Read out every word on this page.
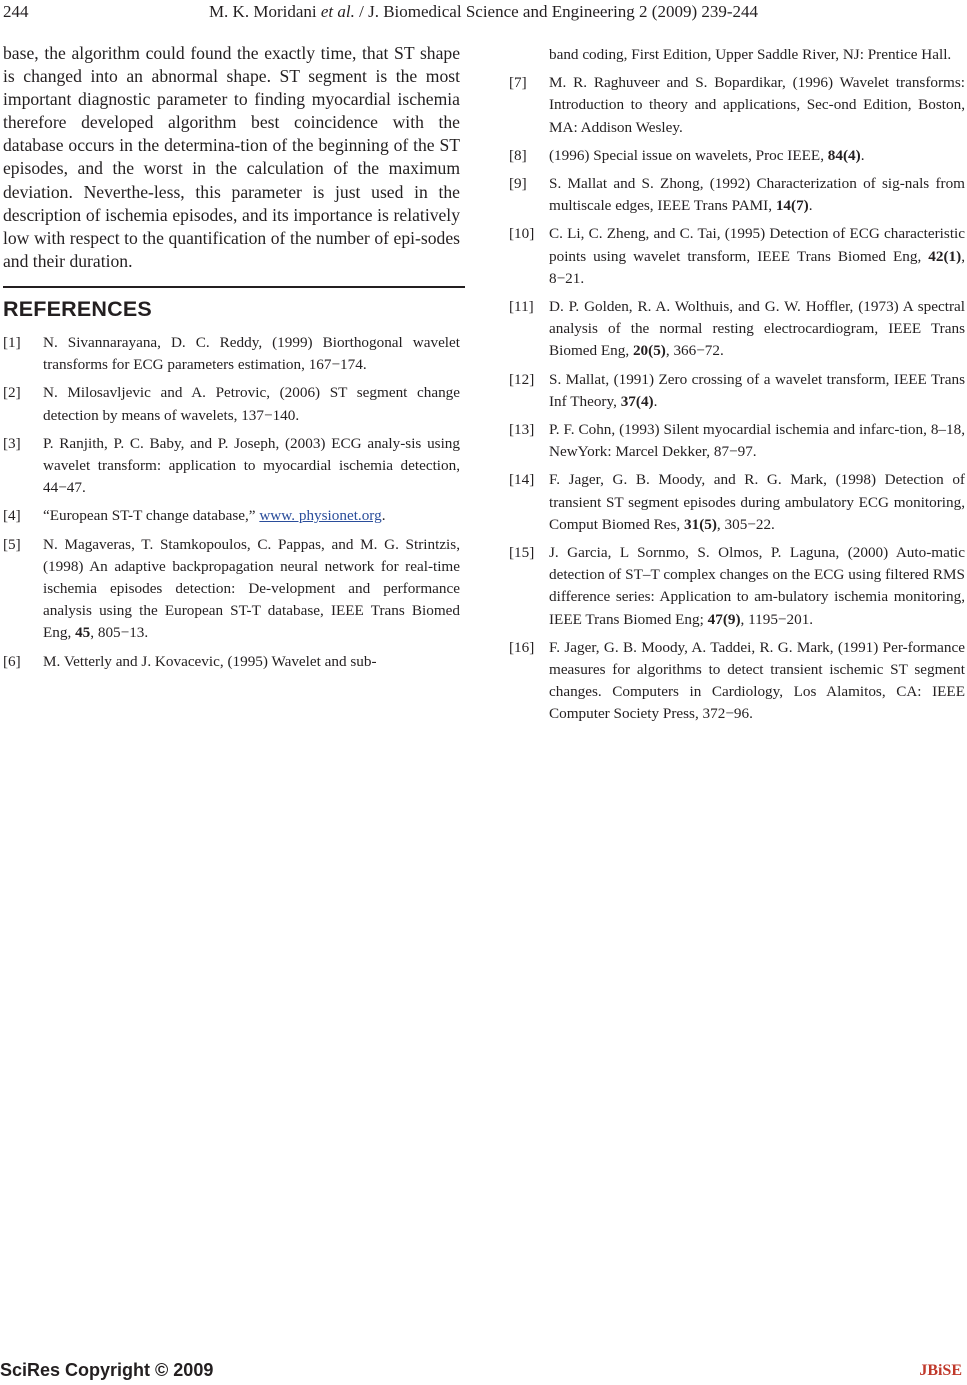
244	M. K. Moridani et al. / J. Biomedical Science and Engineering 2 (2009) 239-244

base, the algorithm could found the exactly time, that ST shape is changed into an abnormal shape. ST segment is the most important diagnostic parameter to finding myocardial ischemia therefore developed algorithm best coincidence with the database occurs in the determina-tion of the beginning of the ST episodes, and the worst in the calculation of the maximum deviation. Neverthe-less, this parameter is just used in the description of ischemia episodes, and its importance is relatively low with respect to the quantification of the number of epi-sodes and their duration.

REFERENCES
[1]	N. Sivannarayana, D. C. Reddy, (1999) Biorthogonal wavelet transforms for ECG parameters estimation, 167−174.
[2]	N. Milosavljevic and A. Petrovic, (2006) ST segment change detection by means of wavelets, 137−140.
[3]	P. Ranjith, P. C. Baby, and P. Joseph, (2003) ECG analy-sis using wavelet transform: application to myocardial ischemia detection, 44−47.
[4]	“European ST-T change database,” www. physionet.org.
[5]	N. Magaveras, T. Stamkopoulos, C. Pappas, and M. G. Strintzis, (1998) An adaptive backpropagation neural network for real-time ischemia episodes detection: De-velopment and performance analysis using the European ST-T database, IEEE Trans Biomed Eng, 45, 805−13.
[6]	M. Vetterly and J. Kovacevic, (1995) Wavelet and sub-
band coding, First Edition, Upper Saddle River, NJ: Prentice Hall.
[7]	M. R. Raghuveer and S. Bopardikar, (1996) Wavelet transforms: Introduction to theory and applications, Sec-ond Edition, Boston, MA: Addison Wesley.
[8]	(1996) Special issue on wavelets, Proc IEEE, 84(4).
[9]	S. Mallat and S. Zhong, (1992) Characterization of sig-nals from multiscale edges, IEEE Trans PAMI, 14(7).
[10] C. Li, C. Zheng, and C. Tai, (1995) Detection of ECG characteristic points using wavelet transform, IEEE Trans Biomed Eng, 42(1), 8−21.
[11]	D. P. Golden, R. A. Wolthuis, and G. W. Hoffler, (1973) A spectral analysis of the normal resting electrocardiogram, IEEE Trans Biomed Eng, 20(5), 366−72.
[12] S. Mallat, (1991) Zero crossing of a wavelet transform, IEEE Trans Inf Theory, 37(4).
[13] P. F. Cohn, (1993) Silent myocardial ischemia and infarc-tion, 8–18, NewYork: Marcel Dekker, 87−97.
[14] F. Jager, G. B. Moody, and R. G. Mark, (1998) Detection of transient ST segment episodes during ambulatory ECG monitoring, Comput Biomed Res, 31(5), 305−22.
[15] J. Garcia, L Sornmo, S. Olmos, P. Laguna, (2000) Auto-matic detection of ST–T complex changes on the ECG using filtered RMS difference series: Application to am-bulatory ischemia monitoring, IEEE Trans Biomed Eng; 47(9), 1195−201.
[16] F. Jager, G. B. Moody, A. Taddei, R. G. Mark, (1991) Per-formance measures for algorithms to detect transient ischemic ST segment changes. Computers in Cardiology, Los Alamitos, CA: IEEE Computer Society Press, 372−96.
SciRes Copyright © 2009	JBiSE
